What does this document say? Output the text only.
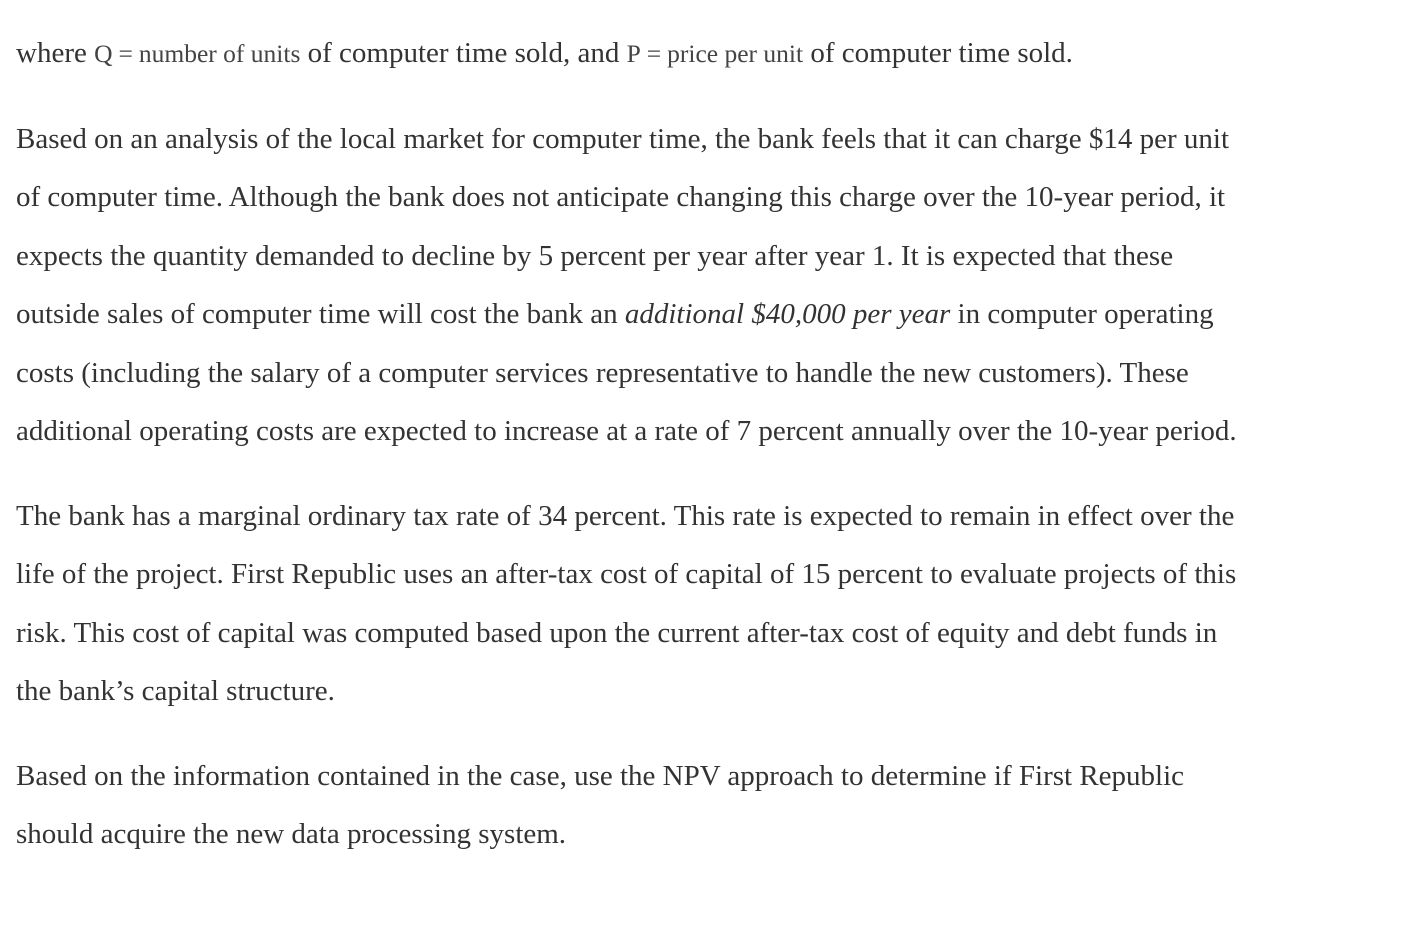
where Q = number of units of computer time sold, and P = price per unit of computer time sold.

Based on an analysis of the local market for computer time, the bank feels that it can charge $14 per unit
of computer time. Although the bank does not anticipate changing this charge over the 10-year period, it
expects the quantity demanded to decline by 5 percent per year after year 1. It is expected that these
outside sales of computer time will cost the bank an additional $40,000 per year in computer operating
costs (including the salary of a computer services representative to handle the new customers). These
additional operating costs are expected to increase at a rate of 7 percent annually over the 10-year period.

The bank has a marginal ordinary tax rate of 34 percent. This rate is expected to remain in effect over the
life of the project. First Republic uses an after-tax cost of capital of 15 percent to evaluate projects of this
risk. This cost of capital was computed based upon the current after-tax cost of equity and debt funds in
the bank’s capital structure.

Based on the information contained in the case, use the NPV approach to determine if First Republic
should acquire the new data processing system.
